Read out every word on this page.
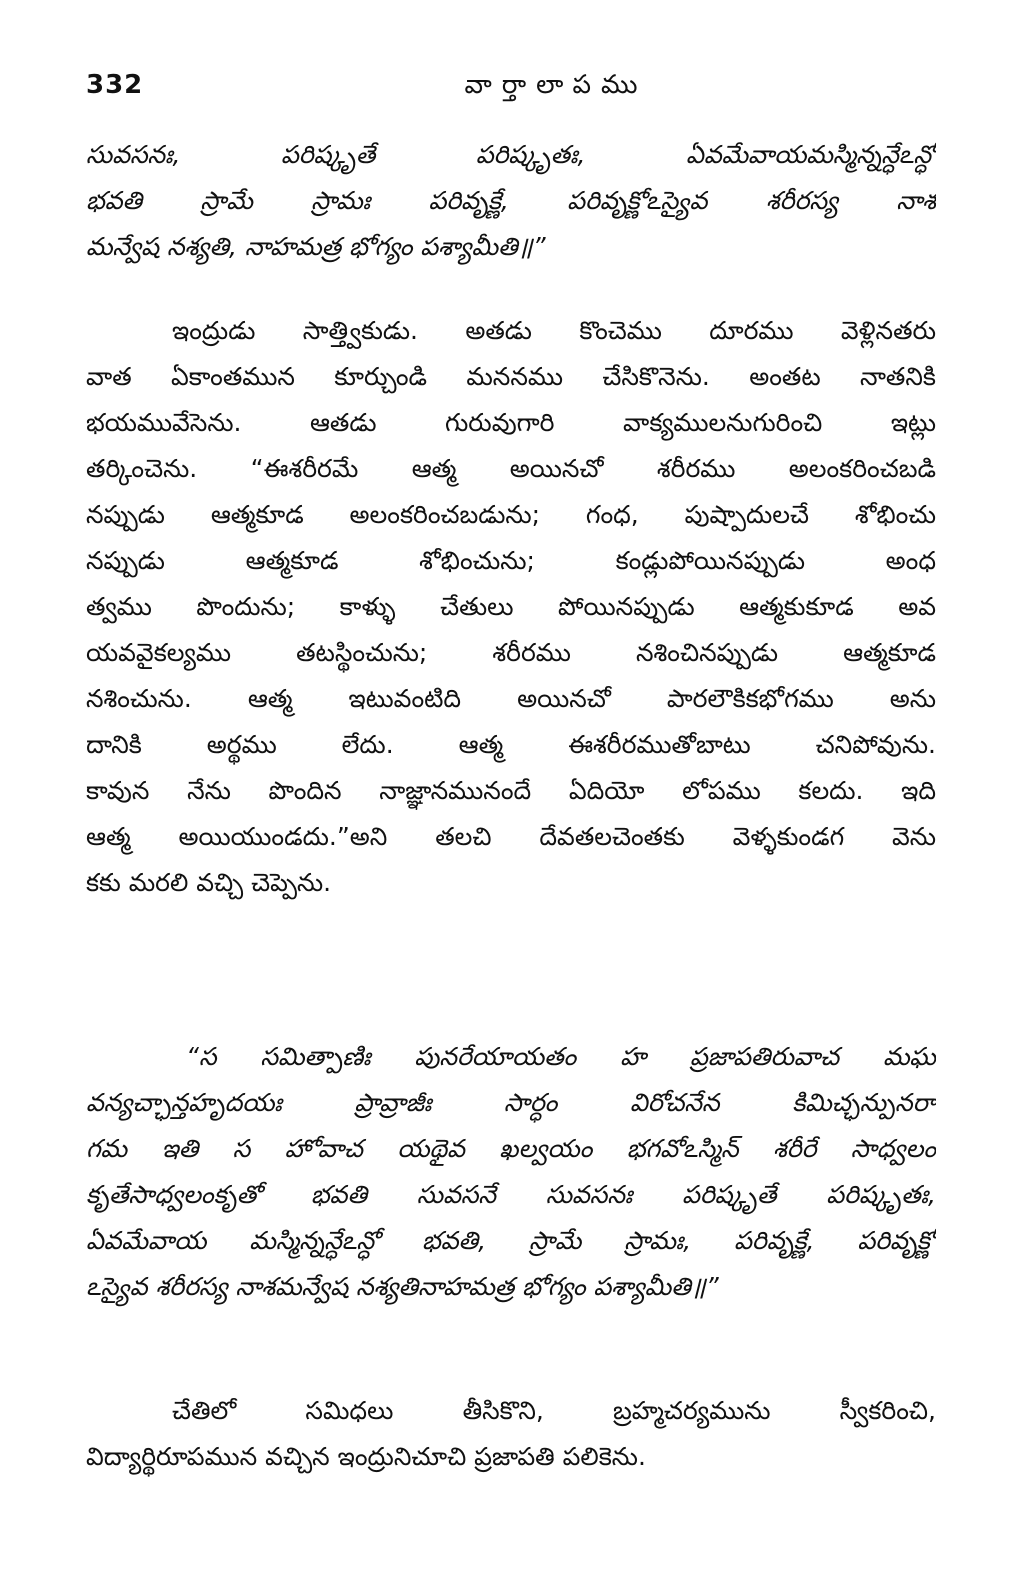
332	వార్తాలాపము
సువసనః, పరిష్కృతే పరిష్కృతః, ఏవమేవాయమస్మిన్నన్ధేఽన్ధో
భవతి స్రామే స్రామః పరివృక్ణే, పరివృక్ణోఽస్యైవ శరీరస్య నాశ
మన్వేష నశ్యతి, నాహమత్ర భోగ్యం పశ్యామీతి॥”
ఇంద్రుడు సాత్త్వికుడు. అతడు కొంచెము దూరము వెళ్లినతరు
వాత ఏకాంతమున కూర్చుండి మననము చేసికొనెను. అంతట నాతనికి
భయమువేసెను. ఆతడు గురువుగారి వాక్యములనుగురించి ఇట్లు
తర్కించెను. “ఈశరీరమే ఆత్మ అయినచో శరీరము అలంకరించబడి
నప్పుడు ఆత్మకూడ అలంకరించబడును; గంధ, పుష్పాదులచే శోభించు
నప్పుడు ఆత్మకూడ శోభించును; కండ్లుపోయినప్పుడు అంధ
త్వము పొందును; కాళ్ళు చేతులు పోయినప్పుడు ఆత్మకుకూడ అవ
యవవైకల్యము తటస్థించును; శరీరము నశించినప్పుడు ఆత్మకూడ
నశించును. ఆత్మ ఇటువంటిది అయినచో పారలౌకికభోగము అను
దానికి అర్థము లేదు. ఆత్మ ఈశరీరముతోబాటు చనిపోవును.
కావున నేను పొందిన నాజ్ఞానమునందే ఏదియో లోపము కలదు. ఇది
ఆత్మ అయియుండదు.”అని తలచి దేవతలచెంతకు వెళ్ళకుండగ వెను
కకు మరలి వచ్చి చెప్పెను.
“స సమిత్పాణిః పునరేయాయతం హ ప్రజాపతిరువాచ మఘ
వన్యచ్ఛాన్తహృదయః ప్రావ్రాజీః సార్ధం విరోచనేన కిమిచ్ఛన్పునరా
గమ ఇతి స హోవాచ యథైవ ఖల్వయం భగవోఽస్మిన్ శరీరే సాధ్వలం
కృతేసాధ్వలంకృతో భవతి సువసనే సువసనః పరిష్కృతే పరిష్కృతః,
ఏవమేవాయ మస్మిన్నన్ధేఽన్ధో భవతి, స్రామే స్రామః, పరివృక్ణే, పరివృక్ణో
ఽస్యైవ శరీరస్య నాశమన్వేష నశ్యతినాహమత్ర భోగ్యం పశ్యామీతి॥”
చేతిలో సమిధలు తీసికొని, బ్రహ్మచర్యమును స్వీకరించి,
విద్యార్థిరూపమున వచ్చిన ఇంద్రునిచూచి ప్రజాపతి పలికెను.
